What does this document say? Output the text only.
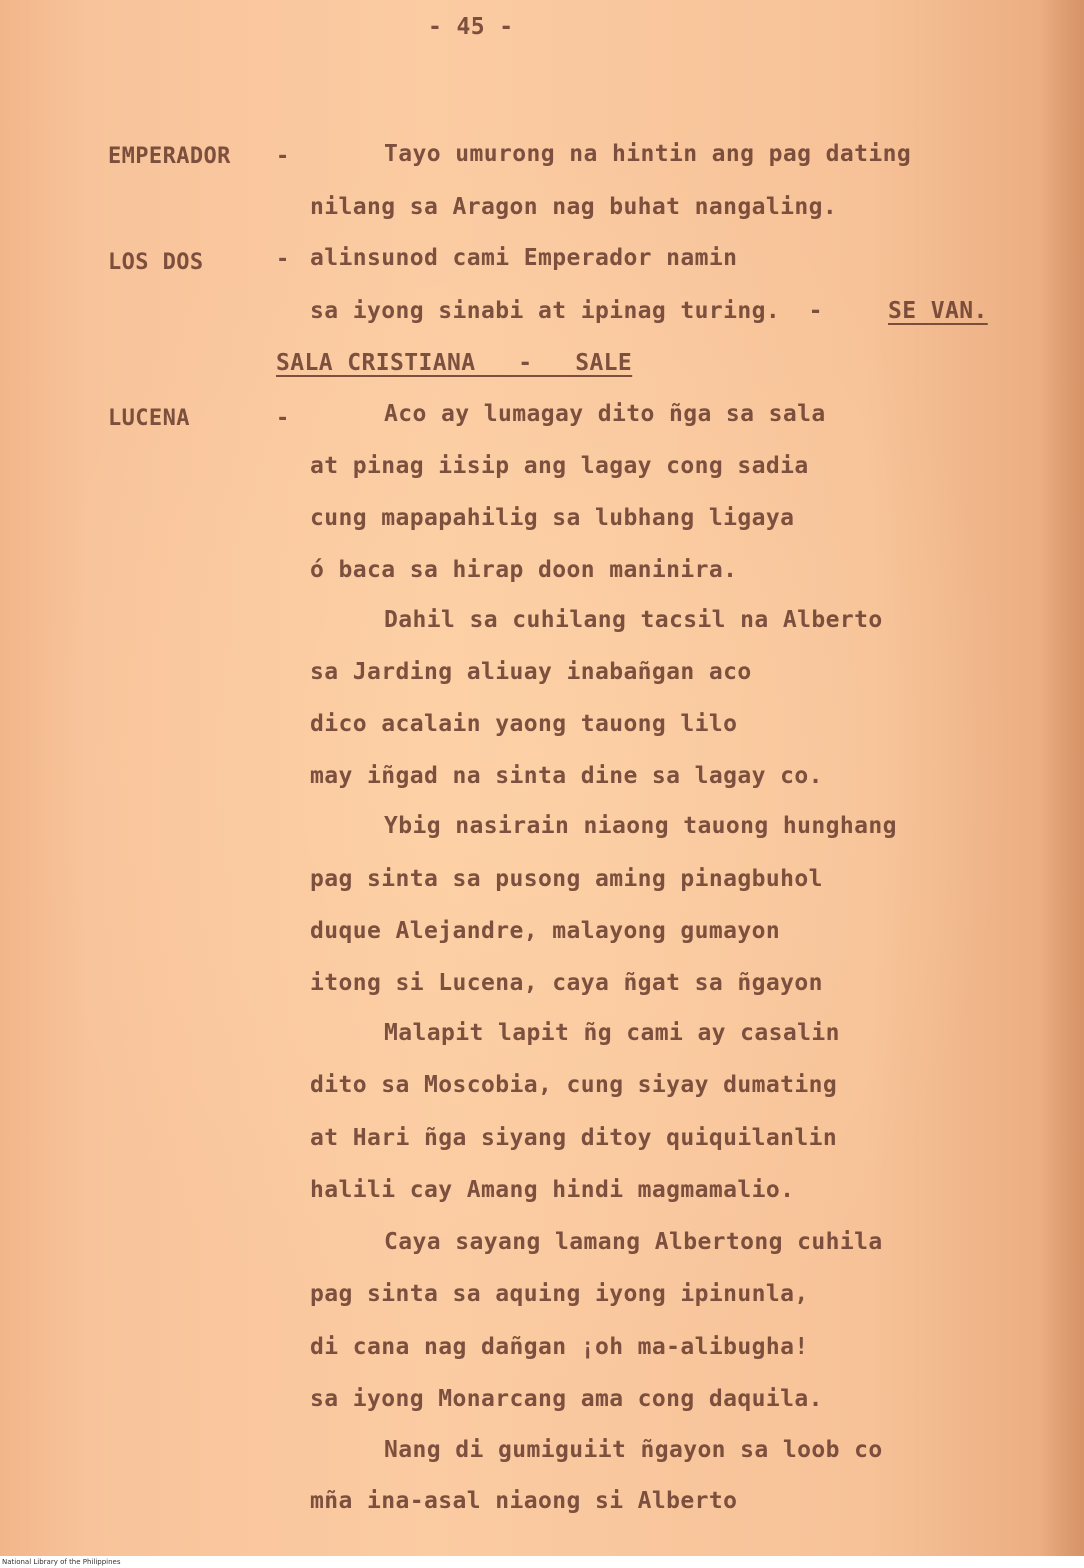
- 45 -
EMPERADOR -	Tayo umurong na hintin ang pag dating
nilang sa Aragon nag buhat nangaling.
LOS DOS	- alinsunod cami Emperador namin
sa iyong sinabi at ipinag turing.  -	SE VAN.
SALA CRISTIANA   -   SALE
LUCENA	-	Aco ay lumagay dito ñga sa sala
at pinag iisip ang lagay cong sadia
cung mapapahilig sa lubhang ligaya
ó baca sa hirap doon maninira.
Dahil sa cuhilang tacsil na Alberto
sa Jarding aliuay inabañgan aco
dico acalain yaong tauong lilo
may iñgad na sinta dine sa lagay co.
Ybig nasirain niaong tauong hunghang
pag sinta sa pusong aming pinagbuhol
duque Alejandre, malayong gumayon
itong si Lucena, caya ñgat sa ñgayon
Malapit lapit ñg cami ay casalin
dito sa Moscobia, cung siyay dumating
at Hari ñga siyang ditoy quiquilanlin
halili cay Amang hindi magmamalio.
Caya sayang lamang Albertong cuhila
pag sinta sa aquing iyong ipinunla,
di cana nag dañgan ¡oh ma-alibugha!
sa iyong Monarcang ama cong daquila.
Nang di gumiguiit ñgayon sa loob co
mña ina-asal niaong si Alberto
National Library of the Philippines
